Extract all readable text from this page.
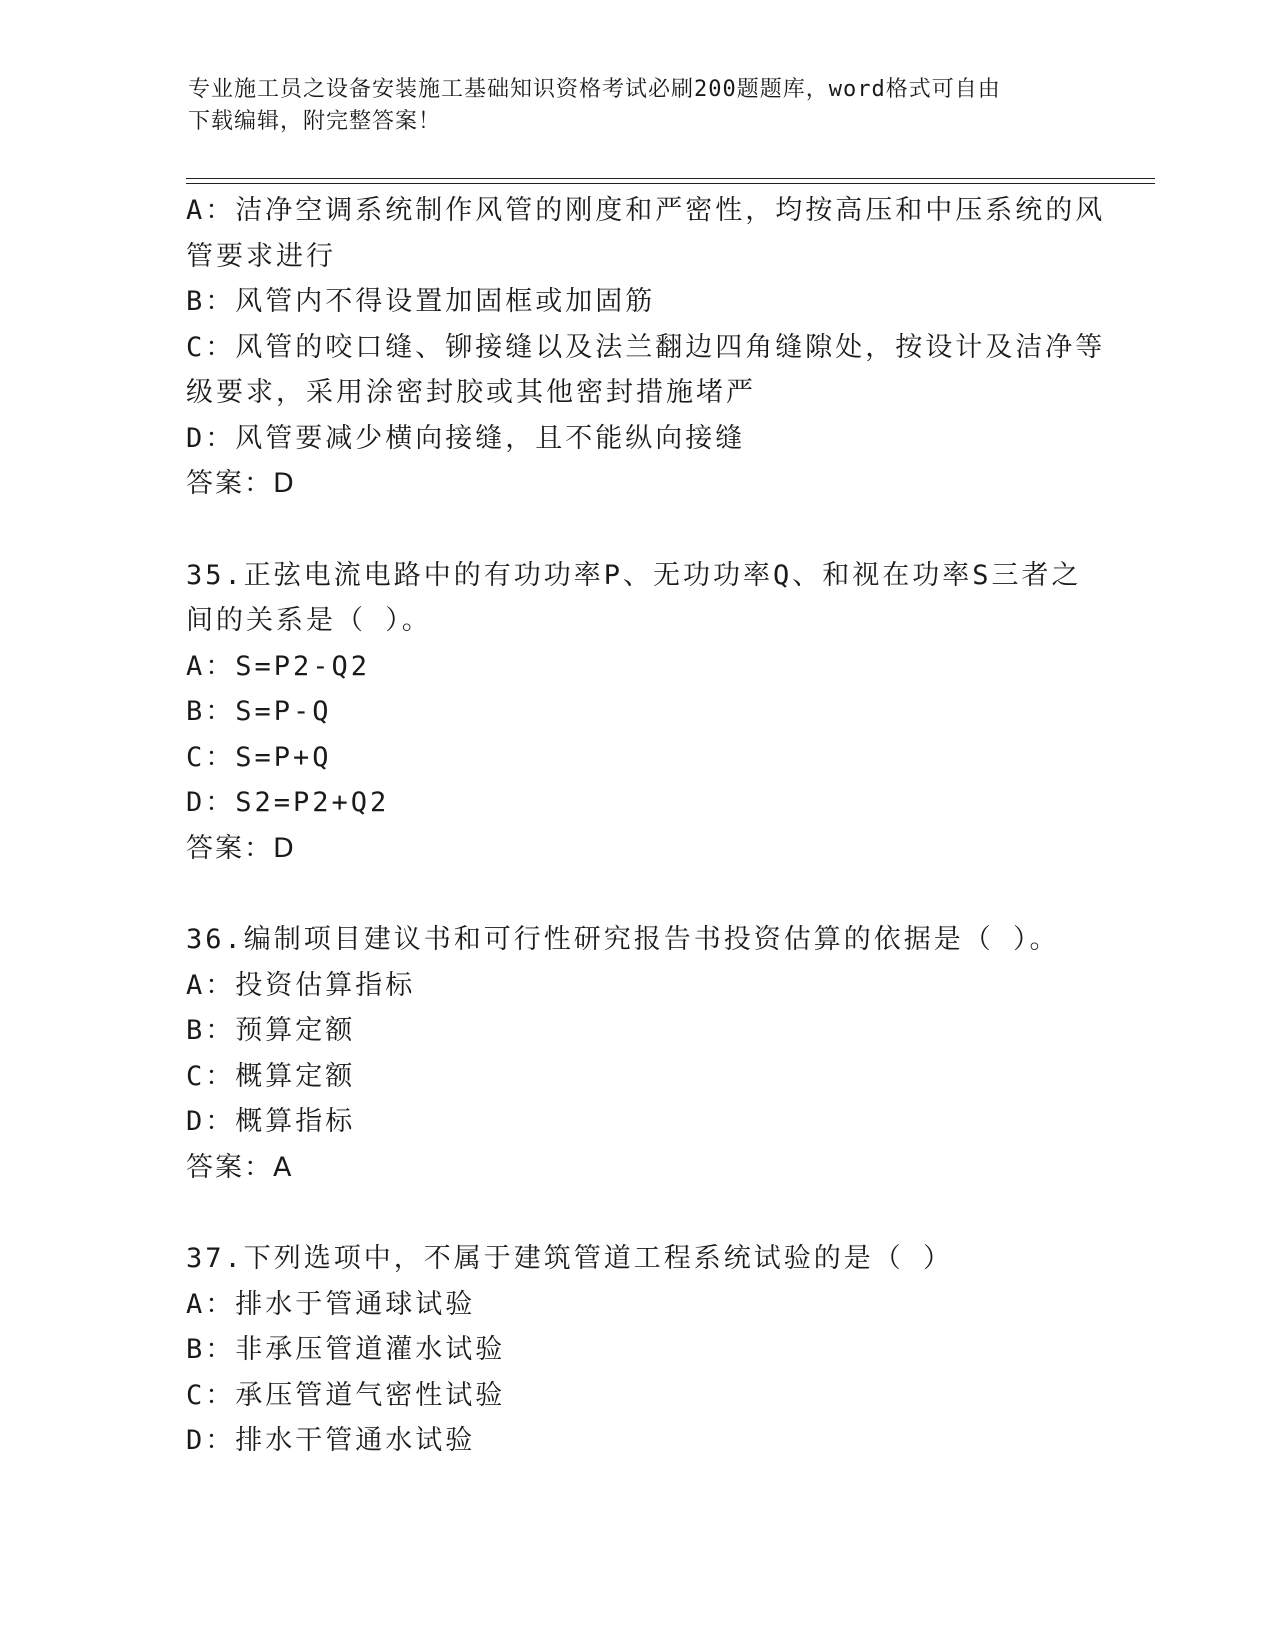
专业施工员之设备安装施工基础知识资格考试必刷200题题库，word格式可自由
下载编辑，附完整答案！
A：洁净空调系统制作风管的刚度和严密性，均按高压和中压系统的风
管要求进行
B：风管内不得设置加固框或加固筋
C：风管的咬口缝、铆接缝以及法兰翻边四角缝隙处，按设计及洁净等
级要求，采用涂密封胶或其他密封措施堵严
D：风管要减少横向接缝，且不能纵向接缝
答案：D
35.正弦电流电路中的有功功率P、无功功率Q、和视在功率S三者之
间的关系是（ ）。
A：S=P2-Q2
B：S=P-Q
C：S=P+Q
D：S2=P2+Q2
答案：D
36.编制项目建议书和可行性研究报告书投资估算的依据是（ ）。
A：投资估算指标
B：预算定额
C：概算定额
D：概算指标
答案：A
37.下列选项中，不属于建筑管道工程系统试验的是（ ）
A：排水于管通球试验
B：非承压管道灌水试验
C：承压管道气密性试验
D：排水干管通水试验
